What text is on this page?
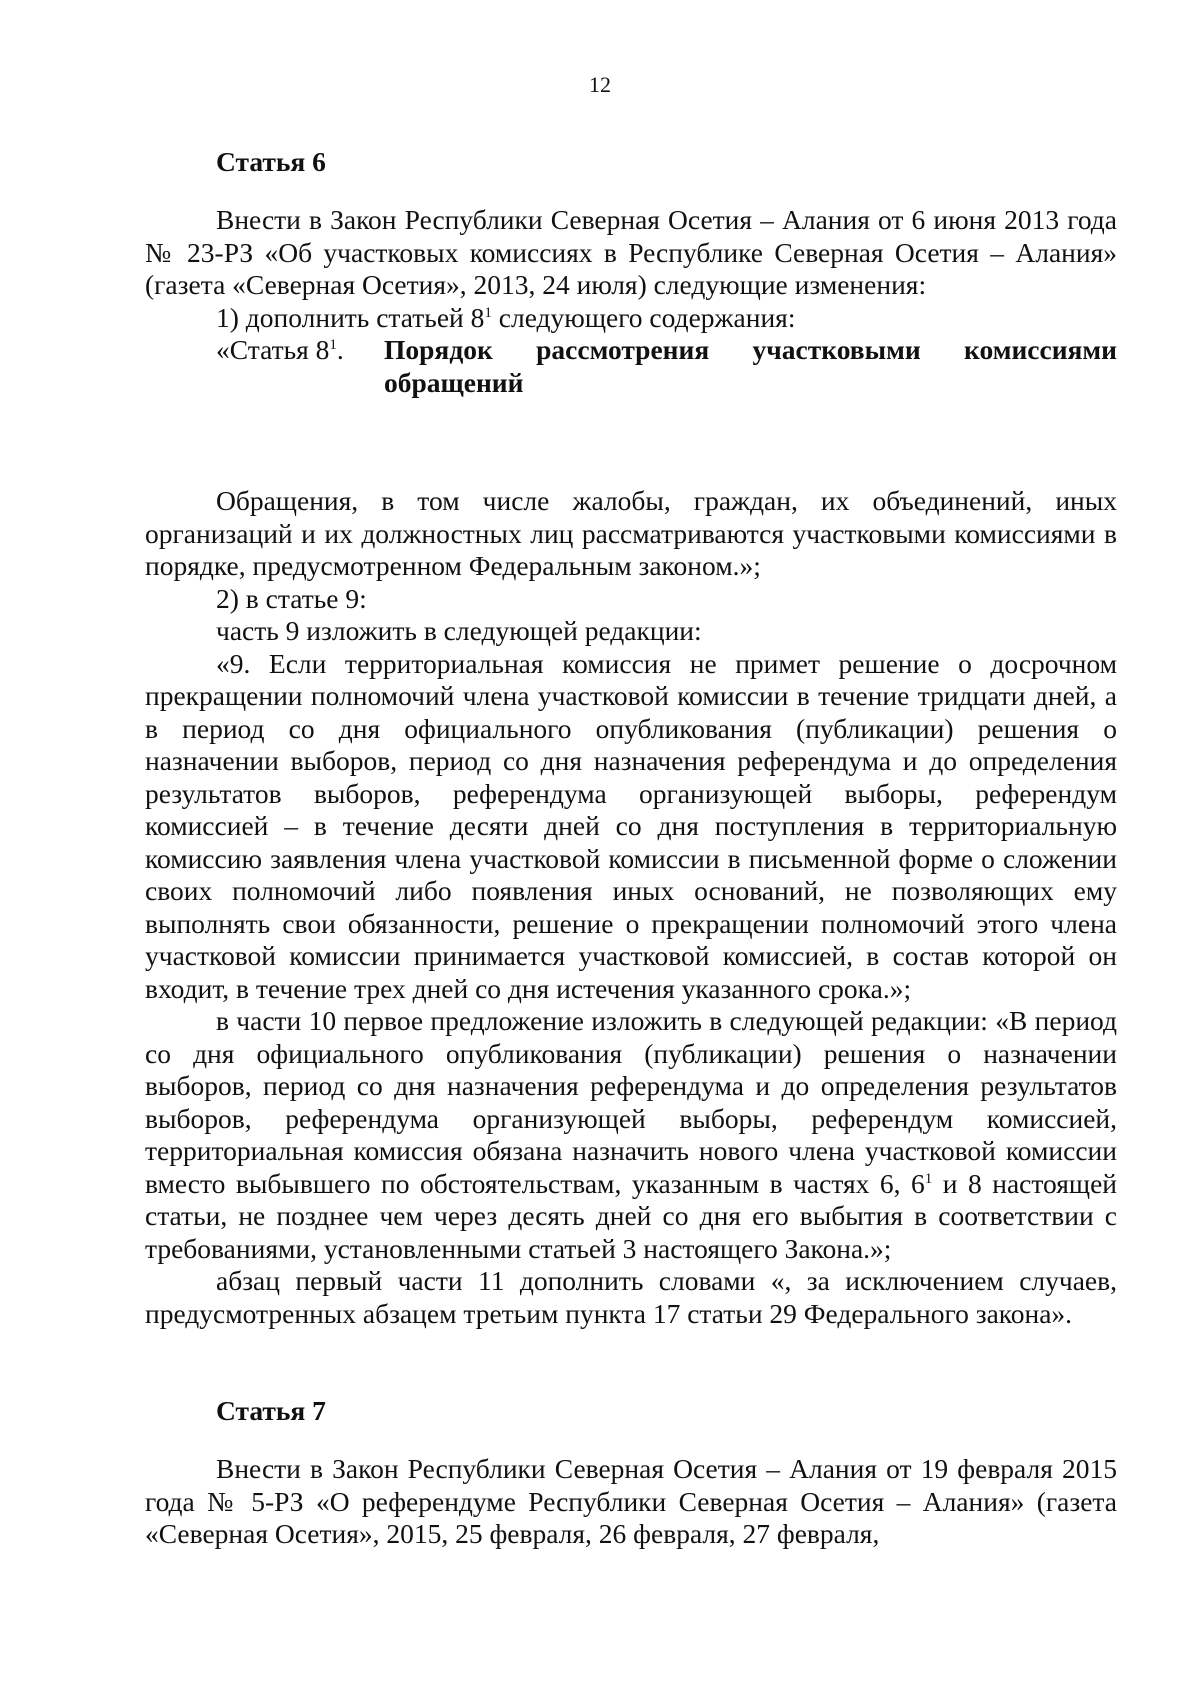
12
Статья 6

Внести в Закон Республики Северная Осетия – Алания от 6 июня 2013 года № 23-РЗ «Об участковых комиссиях в Республике Северная Осетия – Алания» (газета «Северная Осетия», 2013, 24 июля) следующие изменения:

1) дополнить статьей $8^1$ следующего содержания:

«Статья $8^1$.	Порядок рассмотрения участковыми комиссиями
обращений

Обращения, в том числе жалобы, граждан, их объединений, иных организаций и их должностных лиц рассматриваются участковыми комиссиями в порядке, предусмотренном Федеральным законом.»;

2) в статье 9:

часть 9 изложить в следующей редакции:

«9. Если территориальная комиссия не примет решение о досрочном прекращении полномочий члена участковой комиссии в течение тридцати дней, а в период со дня официального опубликования (публикации) решения о назначении выборов, период со дня назначения референдума и до определения результатов выборов, референдума организующей выборы, референдум комиссией – в течение десяти дней со дня поступления в территориальную комиссию заявления члена участковой комиссии в письменной форме о сложении своих полномочий либо появления иных оснований, не позволяющих ему выполнять свои обязанности, решение о прекращении полномочий этого члена участковой комиссии принимается участковой комиссией, в состав которой он входит, в течение трех дней со дня истечения указанного срока.»;

в части 10 первое предложение изложить в следующей редакции: «В период со дня официального опубликования (публикации) решения о назначении выборов, период со дня назначения референдума и до определения результатов выборов, референдума организующей выборы, референдум комиссией, территориальная комиссия обязана назначить нового члена участковой комиссии вместо выбывшего по обстоятельствам, указанным в частях 6, $6^1$ и 8 настоящей статьи, не позднее чем через десять дней со дня его выбытия в соответствии с требованиями, установленными статьей 3 настоящего Закона.»;

абзац первый части 11 дополнить словами «, за исключением случаев, предусмотренных абзацем третьим пункта 17 статьи 29 Федерального закона».

Статья 7

Внести в Закон Республики Северная Осетия – Алания от 19 февраля 2015 года № 5-РЗ «О референдуме Республики Северная Осетия – Алания» (газета «Северная Осетия», 2015, 25 февраля, 26 февраля, 27 февраля,
